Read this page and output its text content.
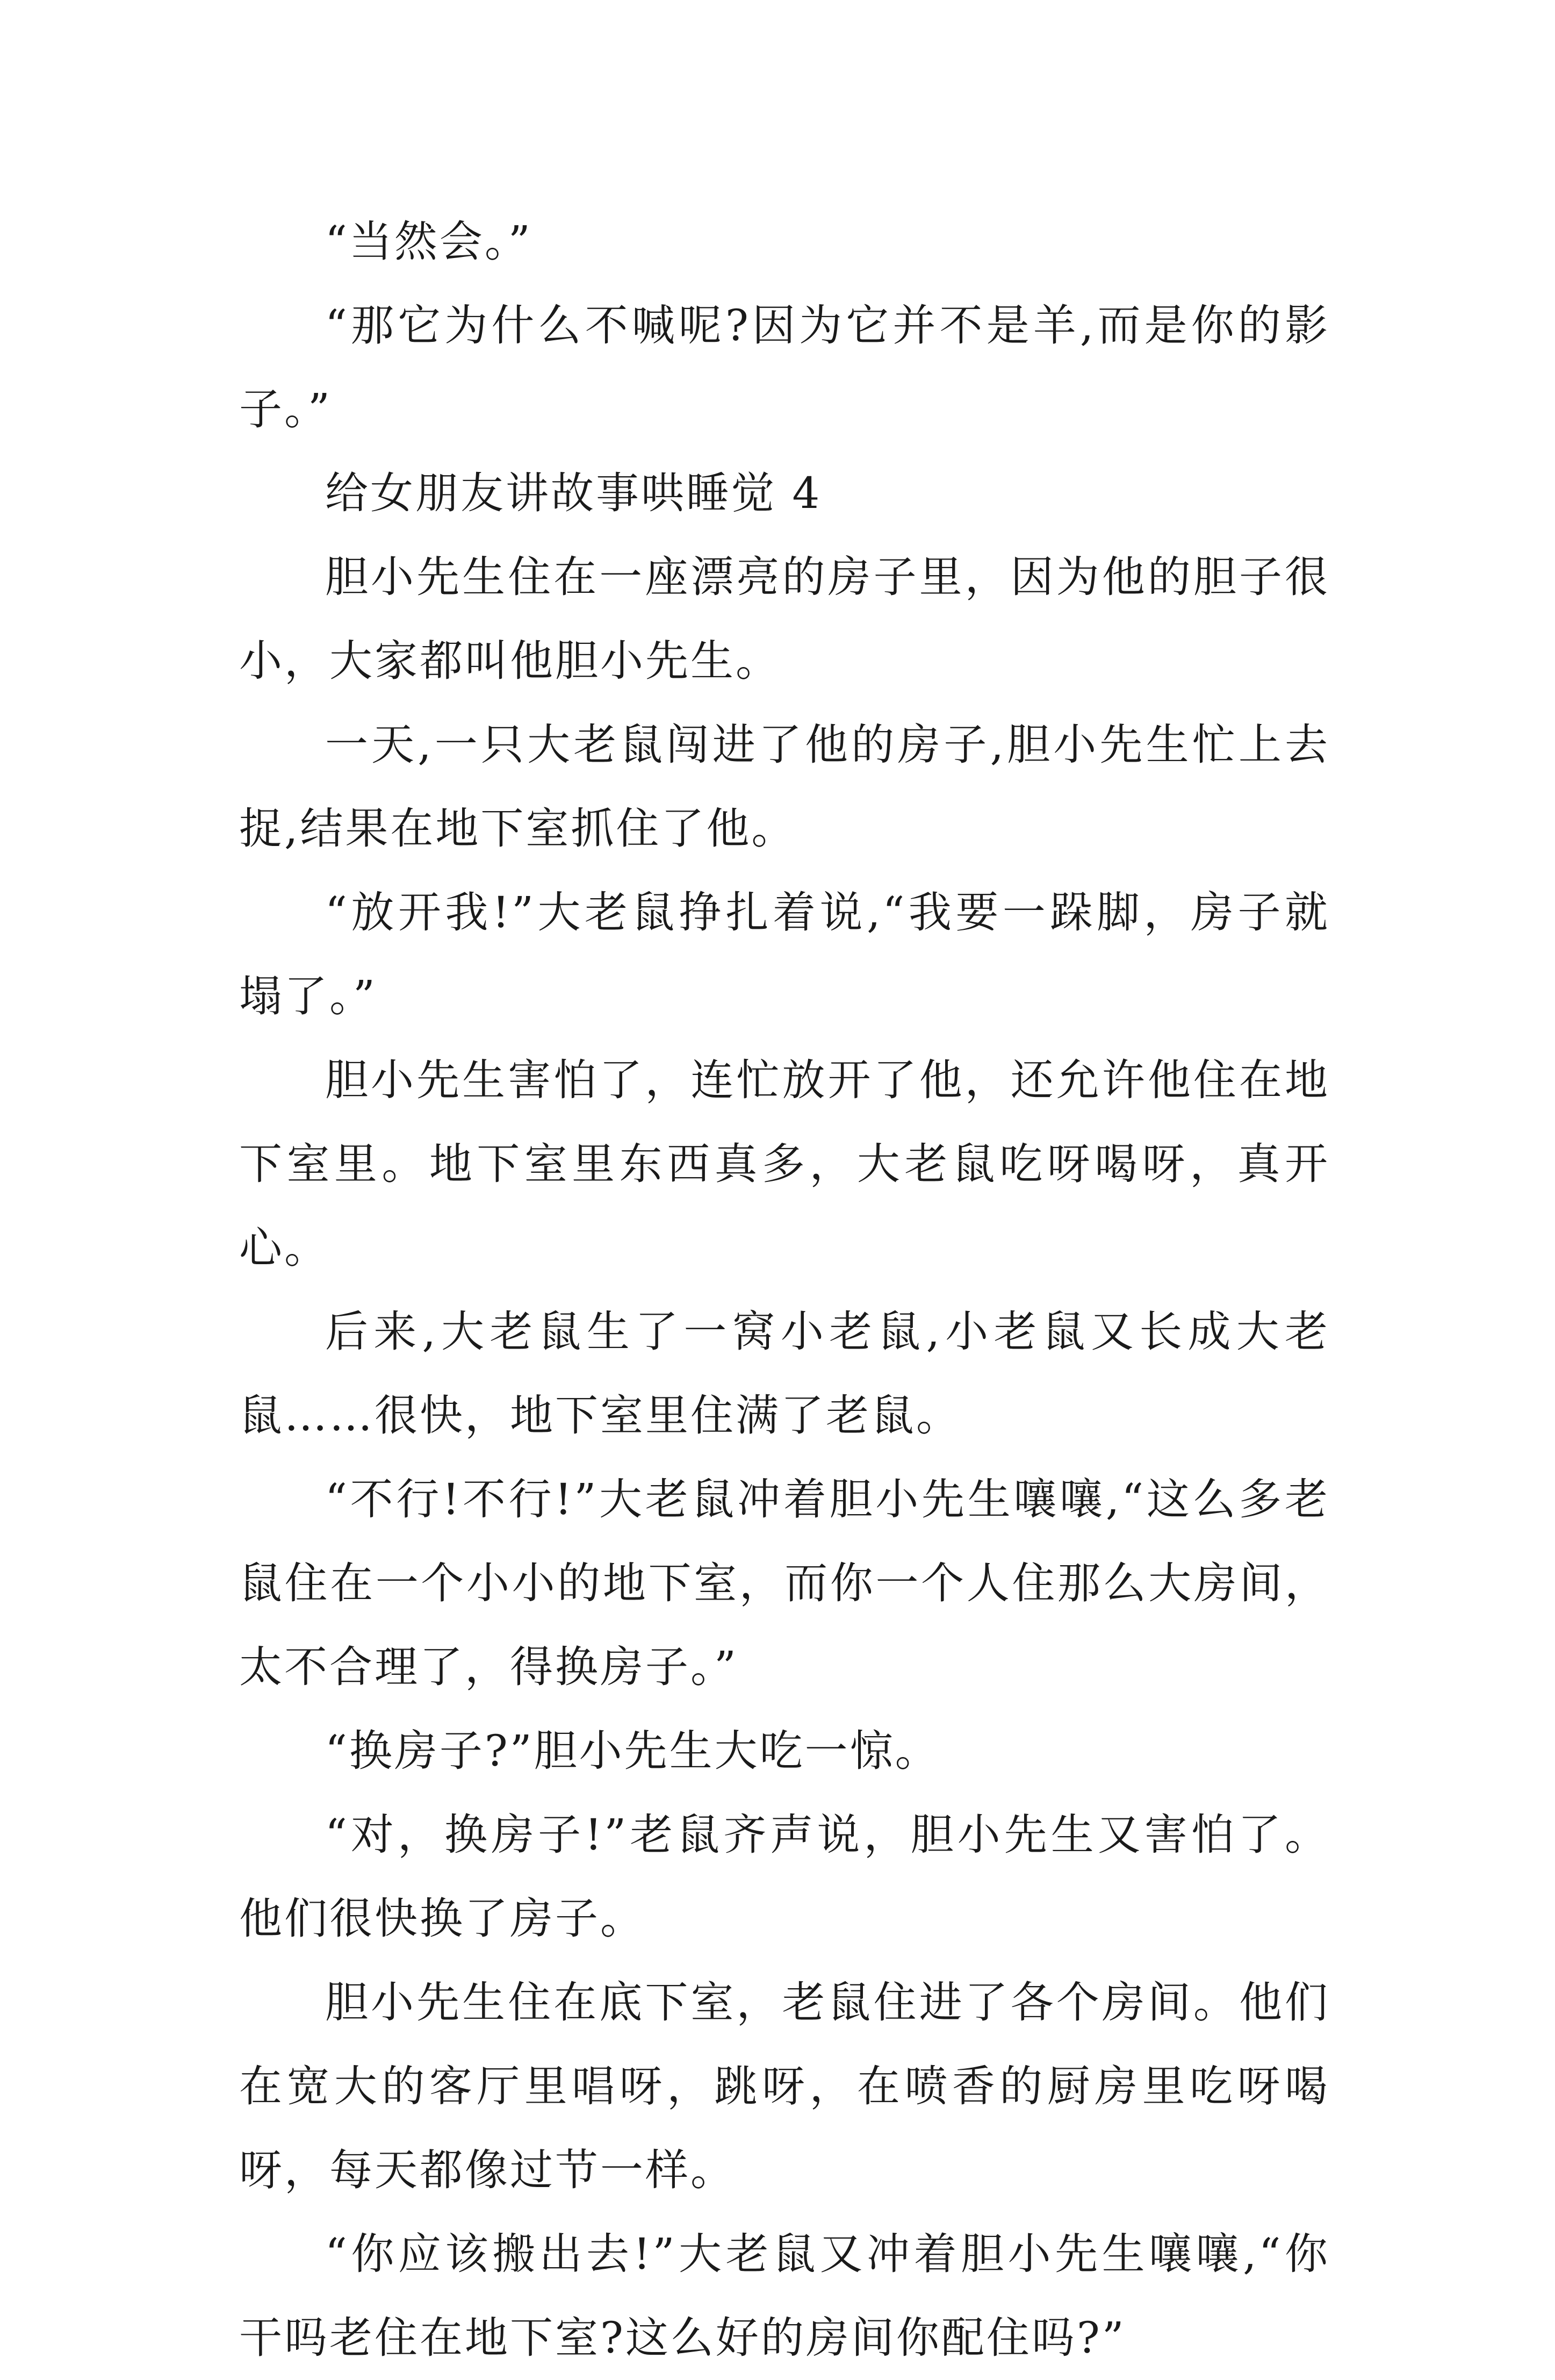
“当然会。”

“那它为什么不喊呢?因为它并不是羊,而是你的影子。”

给女朋友讲故事哄睡觉 4

胆小先生住在一座漂亮的房子里，因为他的胆子很小，大家都叫他胆小先生。

一天,一只大老鼠闯进了他的房子,胆小先生忙上去捉,结果在地下室抓住了他。

“放开我!”大老鼠挣扎着说,“我要一跺脚，房子就塌了。”

胆小先生害怕了，连忙放开了他，还允许他住在地下室里。地下室里东西真多，大老鼠吃呀喝呀，真开心。

后来,大老鼠生了一窝小老鼠,小老鼠又长成大老鼠……很快，地下室里住满了老鼠。

“不行!不行!”大老鼠冲着胆小先生嚷嚷,“这么多老鼠住在一个小小的地下室，而你一个人住那么大房间，太不合理了，得换房子。”

“换房子?”胆小先生大吃一惊。

“对，换房子!”老鼠齐声说，胆小先生又害怕了。他们很快换了房子。

胆小先生住在底下室，老鼠住进了各个房间。他们在宽大的客厅里唱呀，跳呀，在喷香的厨房里吃呀喝呀，每天都像过节一样。

“你应该搬出去!”大老鼠又冲着胆小先生嚷嚷,“你干吗老住在地下室?这么好的房间你配住吗?”
